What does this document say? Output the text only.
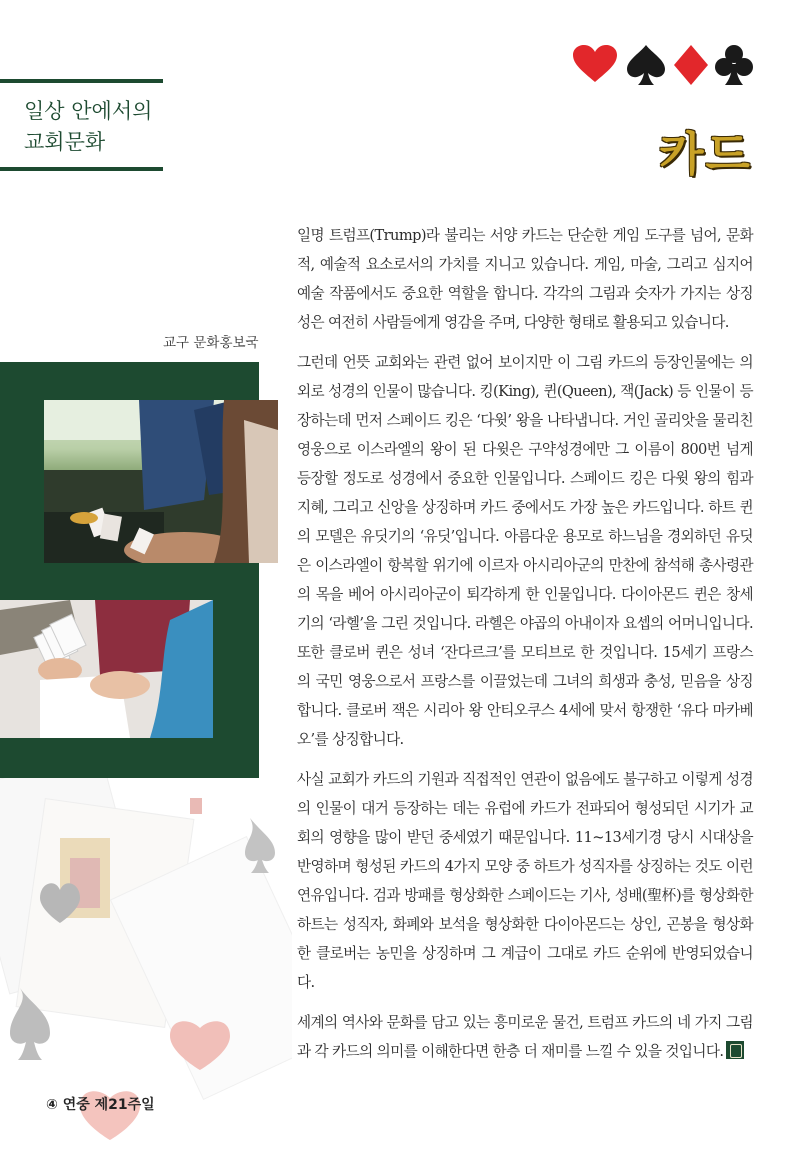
일상 안에서의
교회문화	카드
교구 문화홍보국

일명 트럼프(Trump)라 불리는 서양 카드는 단순한 게임 도구를 넘어, 문화적, 예술적 요소로서의 가치를 지니고 있습니다. 게임, 마술, 그리고 심지어 예술 작품에서도 중요한 역할을 합니다. 각각의 그림과 숫자가 가지는 상징성은 여전히 사람들에게 영감을 주며, 다양한 형태로 활용되고 있습니다.

그런데 언뜻 교회와는 관련 없어 보이지만 이 그림 카드의 등장인물에는 의외로 성경의 인물이 많습니다. 킹(King), 퀸(Queen), 잭(Jack) 등 인물이 등장하는데 먼저 스페이드 킹은 ‘다윗’ 왕을 나타냅니다. 거인 골리앗을 물리친 영웅으로 이스라엘의 왕이 된 다윗은 구약성경에만 그 이름이 800번 넘게 등장할 정도로 성경에서 중요한 인물입니다. 스페이드 킹은 다윗 왕의 힘과 지혜, 그리고 신앙을 상징하며 카드 중에서도 가장 높은 카드입니다. 하트 퀸의 모델은 유딧기의 ‘유딧’입니다. 아름다운 용모로 하느님을 경외하던 유딧은 이스라엘이 항복할 위기에 이르자 아시리아군의 만찬에 참석해 총사령관의 목을 베어 아시리아군이 퇴각하게 한 인물입니다. 다이아몬드 퀸은 창세기의 ‘라헬’을 그린 것입니다. 라헬은 야곱의 아내이자 요셉의 어머니입니다. 또한 클로버 퀸은 성녀 ‘잔다르크’를 모티브로 한 것입니다. 15세기 프랑스의 국민 영웅으로서 프랑스를 이끌었는데 그녀의 희생과 충성, 믿음을 상징합니다. 클로버 잭은 시리아 왕 안티오쿠스 4세에 맞서 항쟁한 ‘유다 마카베오’를 상징합니다.

사실 교회가 카드의 기원과 직접적인 연관이 없음에도 불구하고 이렇게 성경의 인물이 대거 등장하는 데는 유럽에 카드가 전파되어 형성되던 시기가 교회의 영향을 많이 받던 중세였기 때문입니다. 11~13세기경 당시 시대상을 반영하며 형성된 카드의 4가지 모양 중 하트가 성직자를 상징하는 것도 이런 연유입니다. 검과 방패를 형상화한 스페이드는 기사, 성배(聖杯)를 형상화한 하트는 성직자, 화폐와 보석을 형상화한 다이아몬드는 상인, 곤봉을 형상화 한 클로버는 농민을 상징하며 그 계급이 그대로 카드 순위에 반영되었습니다.

세계의 역사와 문화를 담고 있는 흥미로운 물건, 트럼프 카드의 네 가지 그림과 각 카드의 의미를 이해한다면 한층 더 재미를 느낄 수 있을 것입니다.

④ 연중 제21주일
